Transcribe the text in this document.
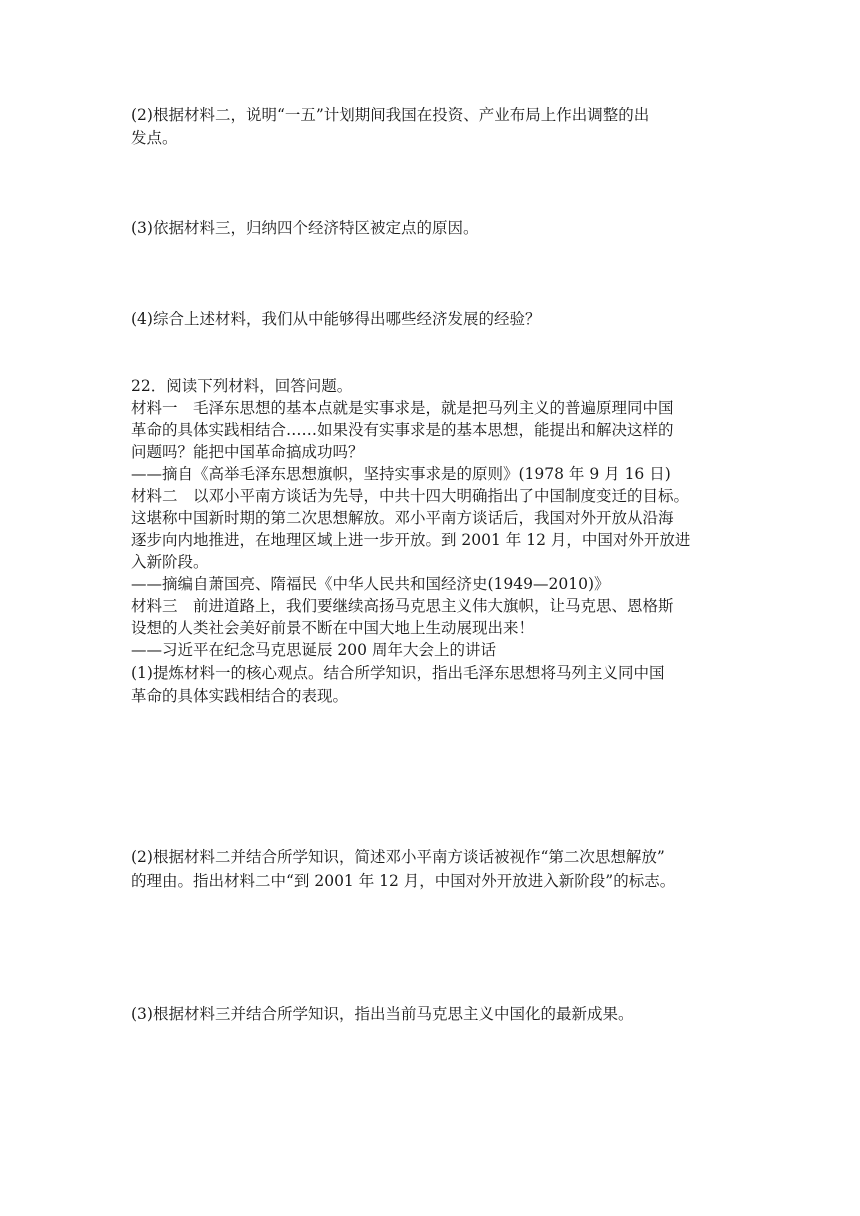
(2)根据材料二，说明“一五”计划期间我国在投资、产业布局上作出调整的出
发点。
(3)依据材料三，归纳四个经济特区被定点的原因。
(4)综合上述材料，我们从中能够得出哪些经济发展的经验？
22．阅读下列材料，回答问题。
材料一　毛泽东思想的基本点就是实事求是，就是把马列主义的普遍原理同中国
革命的具体实践相结合……如果没有实事求是的基本思想，能提出和解决这样的
问题吗？能把中国革命搞成功吗？
——摘自《高举毛泽东思想旗帜，坚持实事求是的原则》(1978 年 9 月 16 日)
材料二　以邓小平南方谈话为先导，中共十四大明确指出了中国制度变迁的目标。
这堪称中国新时期的第二次思想解放。邓小平南方谈话后，我国对外开放从沿海
逐步向内地推进，在地理区域上进一步开放。到 2001 年 12 月，中国对外开放进
入新阶段。
——摘编自萧国亮、隋福民《中华人民共和国经济史(1949—2010)》
材料三　前进道路上，我们要继续高扬马克思主义伟大旗帜，让马克思、恩格斯
设想的人类社会美好前景不断在中国大地上生动展现出来！
——习近平在纪念马克思诞辰 200 周年大会上的讲话
(1)提炼材料一的核心观点。结合所学知识，指出毛泽东思想将马列主义同中国
革命的具体实践相结合的表现。
(2)根据材料二并结合所学知识，简述邓小平南方谈话被视作“第二次思想解放”
的理由。指出材料二中“到 2001 年 12 月，中国对外开放进入新阶段”的标志。
(3)根据材料三并结合所学知识，指出当前马克思主义中国化的最新成果。
